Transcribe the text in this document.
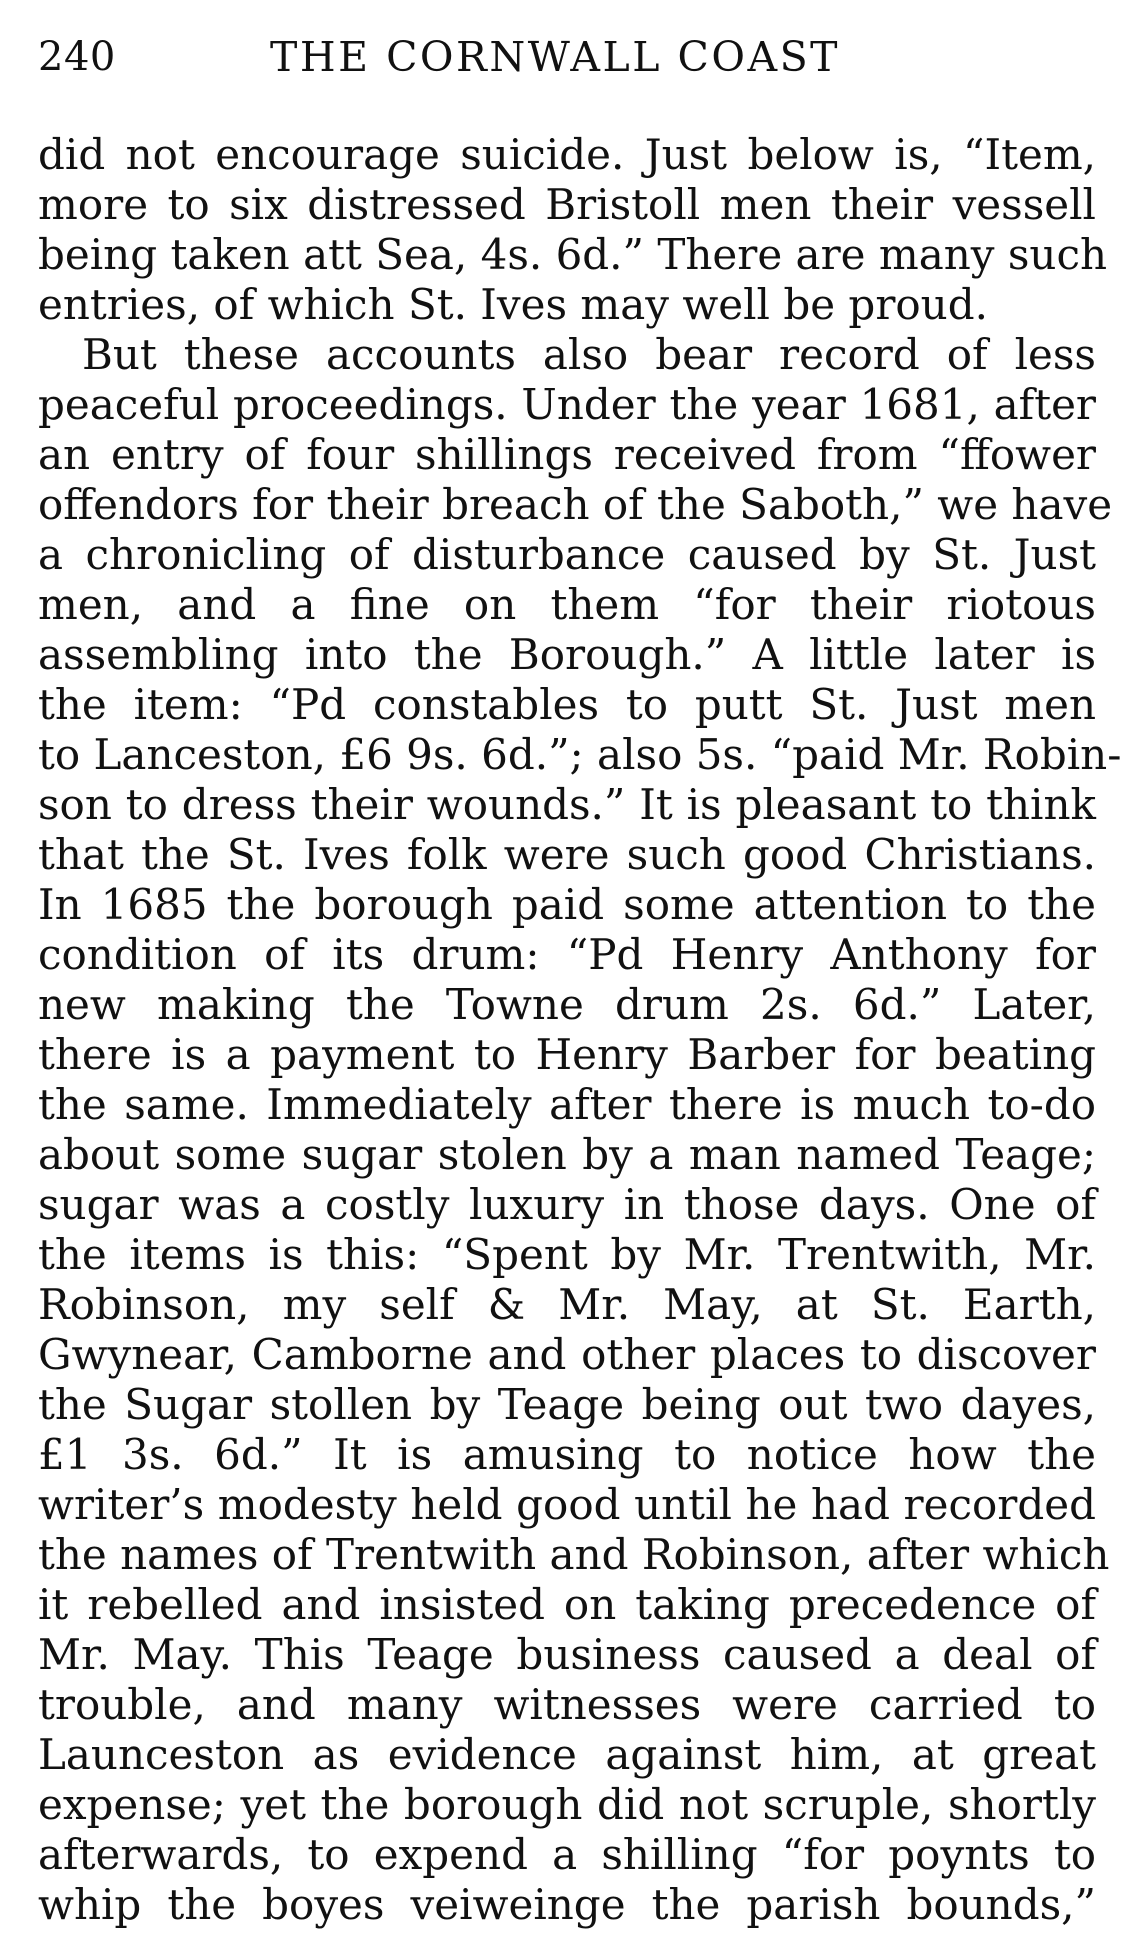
240	THE CORNWALL COAST
did not encourage suicide. Just below is, “Item,
more to six distressed Bristoll men their vessell
being taken att Sea, 4s. 6d.” There are many such
entries, of which St. Ives may well be proud.
But these accounts also bear record of less
peaceful proceedings. Under the year 1681, after
an entry of four shillings received from “ffower
offendors for their breach of the Saboth,” we have
a chronicling of disturbance caused by St. Just
men, and a fine on them “for their riotous
assembling into the Borough.” A little later is
the item: “Pd constables to putt St. Just men
to Lanceston, £6 9s. 6d.”; also 5s. “paid Mr. Robin-
son to dress their wounds.” It is pleasant to think
that the St. Ives folk were such good Christians.
In 1685 the borough paid some attention to the
condition of its drum: “Pd Henry Anthony for
new making the Towne drum 2s. 6d.” Later,
there is a payment to Henry Barber for beating
the same. Immediately after there is much to-do
about some sugar stolen by a man named Teage;
sugar was a costly luxury in those days. One of
the items is this: “Spent by Mr. Trentwith, Mr.
Robinson, my self & Mr. May, at St. Earth,
Gwynear, Camborne and other places to discover
the Sugar stollen by Teage being out two dayes,
£1 3s. 6d.” It is amusing to notice how the
writer’s modesty held good until he had recorded
the names of Trentwith and Robinson, after which
it rebelled and insisted on taking precedence of
Mr. May. This Teage business caused a deal of
trouble, and many witnesses were carried to
Launceston as evidence against him, at great
expense; yet the borough did not scruple, shortly
afterwards, to expend a shilling “for poynts to
whip the boyes veiweinge the parish bounds,”
